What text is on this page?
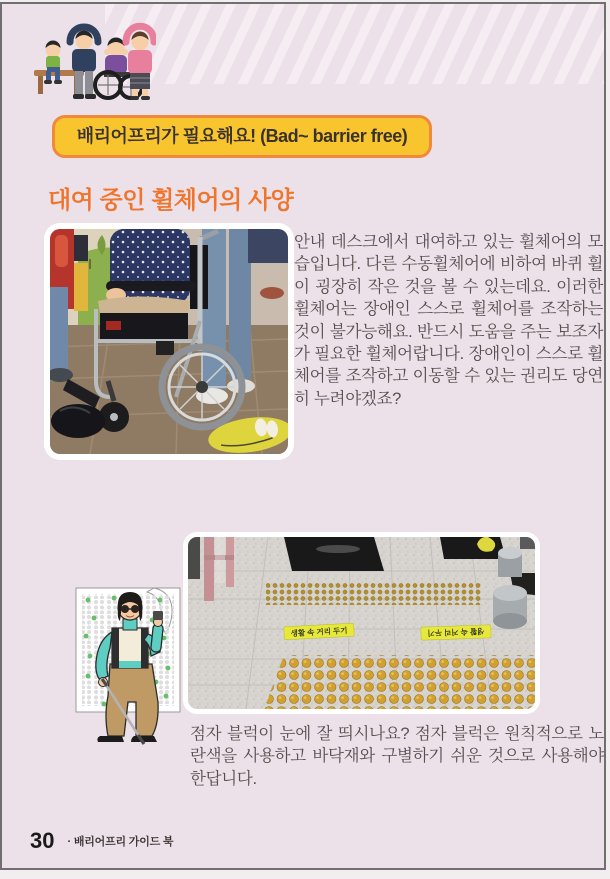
배리어프리가 필요해요! (Bad~ barrier free)
대여 중인 휠체어의 사양
안내 데스크에서 대여하고 있는 휠체어의 모습입니다. 다른 수동휠체어에 비하여 바퀴 휠이 굉장히 작은 것을 볼 수 있는데요. 이러한 휠체어는 장애인 스스로 휠체어를 조작하는 것이 불가능해요. 반드시 도움을 주는 보조자가 필요한 휠체어랍니다. 장애인이 스스로 휠체어를 조작하고 이동할 수 있는 권리도 당연히 누려야겠죠?
생활 속 거리 두기	생활 속 거리 두기
점자 블럭이 눈에 잘 띄시나요? 점자 블럭은 원칙적으로 노란색을 사용하고 바닥재와 구별하기 쉬운 것으로 사용해야 한답니다.
30 · 배리어프리 가이드 북
